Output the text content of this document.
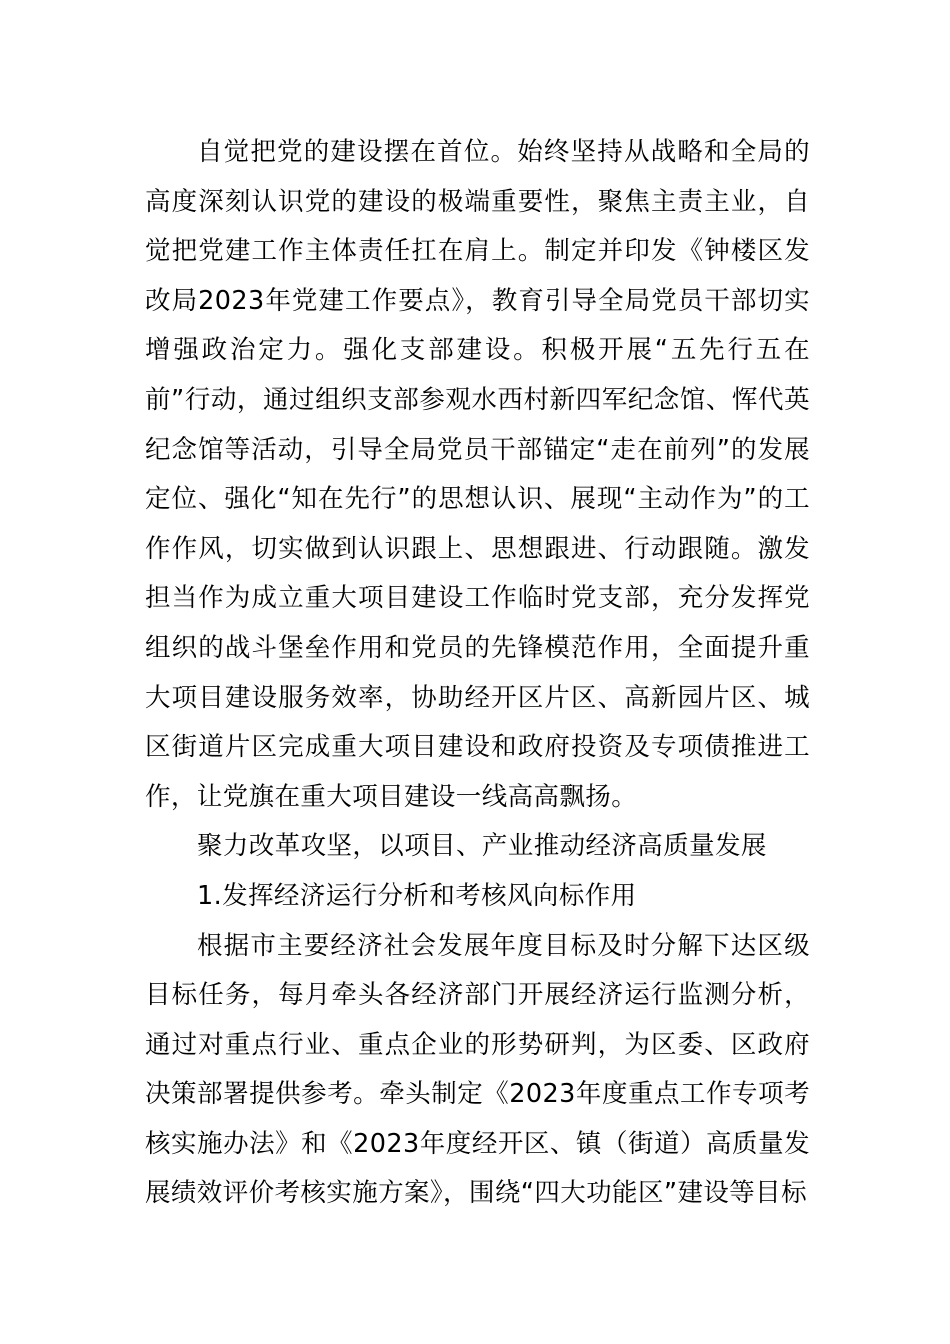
自觉把党的建设摆在首位。始终坚持从战略和全局的高度深刻认识党的建设的极端重要性，聚焦主责主业，自觉把党建工作主体责任扛在肩上。制定并印发《钟楼区发改局2023年党建工作要点》，教育引导全局党员干部切实增强政治定力。强化支部建设。积极开展“五先行五在前”行动，通过组织支部参观水西村新四军纪念馆、恽代英纪念馆等活动，引导全局党员干部锚定“走在前列”的发展定位、强化“知在先行”的思想认识、展现“主动作为”的工作作风，切实做到认识跟上、思想跟进、行动跟随。激发担当作为成立重大项目建设工作临时党支部，充分发挥党组织的战斗堡垒作用和党员的先锋模范作用，全面提升重大项目建设服务效率，协助经开区片区、高新园片区、城区街道片区完成重大项目建设和政府投资及专项债推进工作，让党旗在重大项目建设一线高高飘扬。

聚力改革攻坚，以项目、产业推动经济高质量发展

1.发挥经济运行分析和考核风向标作用

根据市主要经济社会发展年度目标及时分解下达区级目标任务，每月牵头各经济部门开展经济运行监测分析，通过对重点行业、重点企业的形势研判，为区委、区政府决策部署提供参考。牵头制定《2023年度重点工作专项考核实施办法》和《2023年度经开区、镇（街道）高质量发展绩效评价考核实施方案》，围绕“四大功能区”建设等目标
